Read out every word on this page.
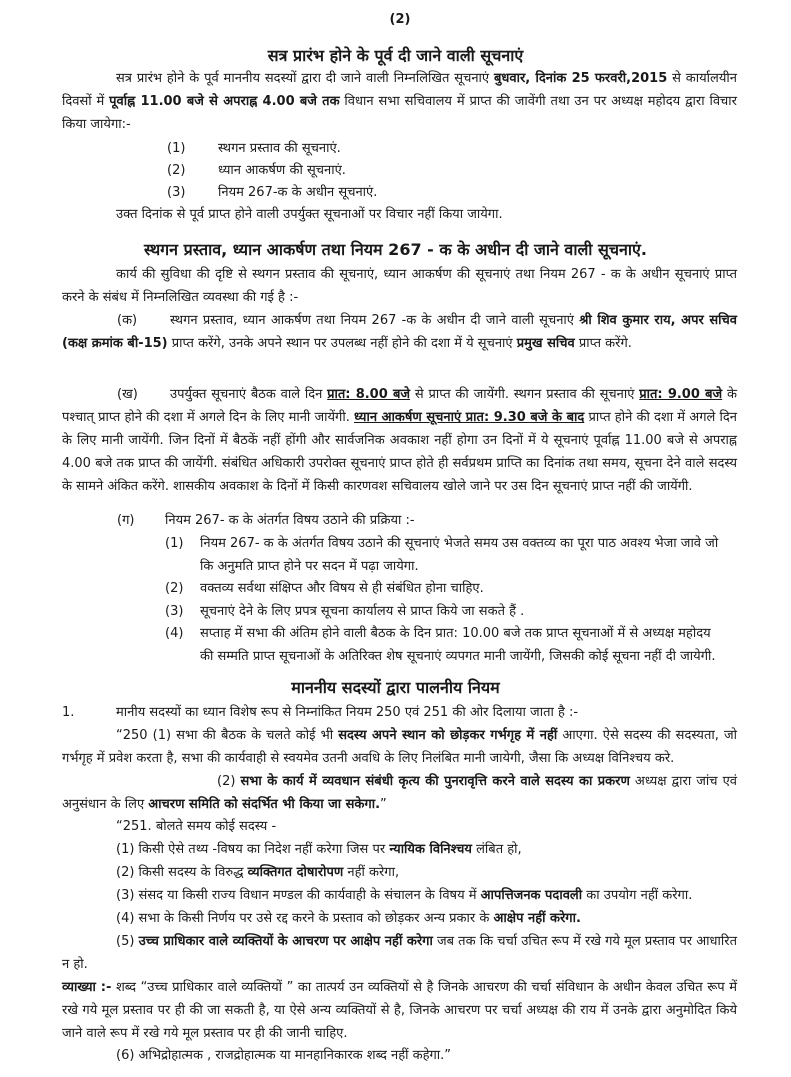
(2)
सत्र प्रारंभ होने के पूर्व दी जाने वाली सूचनाएं
सत्र प्रारंभ होने के पूर्व माननीय सदस्यों द्वारा दी जाने वाली निम्नलिखित सूचनाएं बुधवार, दिनांक 25 फरवरी,2015 से कार्यालयीन दिवसों में पूर्वाह्न 11.00 बजे से अपराह्न 4.00 बजे तक विधान सभा सचिवालय में प्राप्त की जावेंगी तथा उन पर अध्यक्ष महोदय द्वारा विचार किया जायेगा:-
(1)	स्थगन प्रस्ताव की सूचनाएं.
(2)	ध्यान आकर्षण की सूचनाएं.
(3)	नियम 267-क के अधीन सूचनाएं.
उक्त दिनांक से पूर्व प्राप्त होने वाली उपर्युक्त सूचनाओं पर विचार नहीं किया जायेगा.
स्थगन प्रस्ताव, ध्यान आकर्षण तथा नियम 267 - क के अधीन दी जाने वाली सूचनाएं.
कार्य की सुविधा की दृष्टि से स्थगन प्रस्ताव की सूचनाएं, ध्यान आकर्षण की सूचनाएं तथा नियम 267 - क के अधीन सूचनाएं प्राप्त करने के संबंध में निम्नलिखित व्यवस्था की गई है :-
(क)	स्थगन प्रस्ताव, ध्यान आकर्षण तथा नियम 267 -क के अधीन दी जाने वाली सूचनाएं श्री शिव कुमार राय, अपर सचिव (कक्ष क्रमांक बी-15) प्राप्त करेंगे, उनके अपने स्थान पर उपलब्ध नहीं होने की दशा में ये सूचनाएं प्रमुख सचिव प्राप्त करेंगे.
(ख)	उपर्युक्त सूचनाएं बैठक वाले दिन प्रात: 8.00 बजे से प्राप्त की जायेंगी. स्थगन प्रस्ताव की सूचनाएं प्रात: 9.00 बजे के पश्चात् प्राप्त होने की दशा में अगले दिन के लिए मानी जायेंगी. ध्यान आकर्षण सूचनाएं प्रात: 9.30 बजे के बाद प्राप्त होने की दशा में अगले दिन के लिए मानी जायेंगी. जिन दिनों में बैठकें नहीं होंगी और सार्वजनिक अवकाश नहीं होगा उन दिनों में ये सूचनाएं पूर्वाह्न 11.00 बजे से अपराह्न 4.00 बजे तक प्राप्त की जायेंगी. संबंधित अधिकारी उपरोक्त सूचनाएं प्राप्त होते ही सर्वप्रथम प्राप्ति का दिनांक तथा समय, सूचना देने वाले सदस्य के सामने अंकित करेंगे. शासकीय अवकाश के दिनों में किसी कारणवश सचिवालय खोले जाने पर उस दिन सूचनाएं प्राप्त नहीं की जायेंगी.
(ग) नियम 267- क के अंतर्गत विषय उठाने की प्रक्रिया :-
(1) नियम 267- क के अंतर्गत विषय उठाने की सूचनाएं भेजते समय उस वक्तव्य का पूरा पाठ अवश्य भेजा जावे जो कि अनुमति प्राप्त होने पर सदन में पढ़ा जायेगा.
(2) वक्तव्य सर्वथा संक्षिप्त और विषय से ही संबंधित होना चाहिए.
(3) सूचनाएं देने के लिए प्रपत्र सूचना कार्यालय से प्राप्त किये जा सकते हैं .
(4) सप्ताह में सभा की अंतिम होने वाली बैठक के दिन प्रात: 10.00 बजे तक प्राप्त सूचनाओं में से अध्यक्ष महोदय की सम्मति प्राप्त सूचनाओं के अतिरिक्त शेष सूचनाएं व्यपगत मानी जायेंगी, जिसकी कोई सूचना नहीं दी जायेगी.
माननीय सदस्यों द्वारा पालनीय नियम
1.	मानीय सदस्यों का ध्यान विशेष रूप से निम्नांकित नियम 250 एवं 251 की ओर दिलाया जाता है :-
“250 (1) सभा की बैठक के चलते कोई भी सदस्य अपने स्थान को छोड़कर गर्भगृह में नहीं आएगा. ऐसे सदस्य की सदस्यता, जो गर्भगृह में प्रवेश करता है, सभा की कार्यवाही से स्वयमेव उतनी अवधि के लिए निलंबित मानी जायेगी, जैसा कि अध्यक्ष विनिश्चय करे.
(2) सभा के कार्य में व्यवधान संबंधी कृत्य की पुनरावृत्ति करने वाले सदस्य का प्रकरण अध्यक्ष द्वारा जांच एवं अनुसंधान के लिए आचरण समिति को संदर्भित भी किया जा सकेगा.”
“251. बोलते समय कोई सदस्य -
(1) किसी ऐसे तथ्य -विषय का निदेश नहीं करेगा जिस पर न्यायिक विनिश्चय लंबित हो,
(2) किसी सदस्य के विरुद्ध व्यक्तिगत दोषारोपण नहीं करेगा,
(3) संसद या किसी राज्य विधान मण्डल की कार्यवाही के संचालन के विषय में आपत्तिजनक पदावली का उपयोग नहीं करेगा.
(4) सभा के किसी निर्णय पर उसे रद्द करने के प्रस्ताव को छोड़कर अन्य प्रकार के आक्षेप नहीं करेगा.
(5) उच्च प्राधिकार वाले व्यक्तियों के आचरण पर आक्षेप नहीं करेगा जब तक कि चर्चा उचित रूप में रखे गये मूल प्रस्ताव पर आधारित न हो.
व्याख्या :- शब्द “उच्च प्राधिकार वाले व्यक्तियों ” का तात्पर्य उन व्यक्तियों से है जिनके आचरण की चर्चा संविधान के अधीन केवल उचित रूप में रखे गये मूल प्रस्ताव पर ही की जा सकती है, या ऐसे अन्य व्यक्तियों से है, जिनके आचरण पर चर्चा अध्यक्ष की राय में उनके द्वारा अनुमोदित किये जाने वाले रूप में रखे गये मूल प्रस्ताव पर ही की जानी चाहिए.
(6) अभिद्रोहात्मक , राजद्रोहात्मक या मानहानिकारक शब्द नहीं कहेगा.”
